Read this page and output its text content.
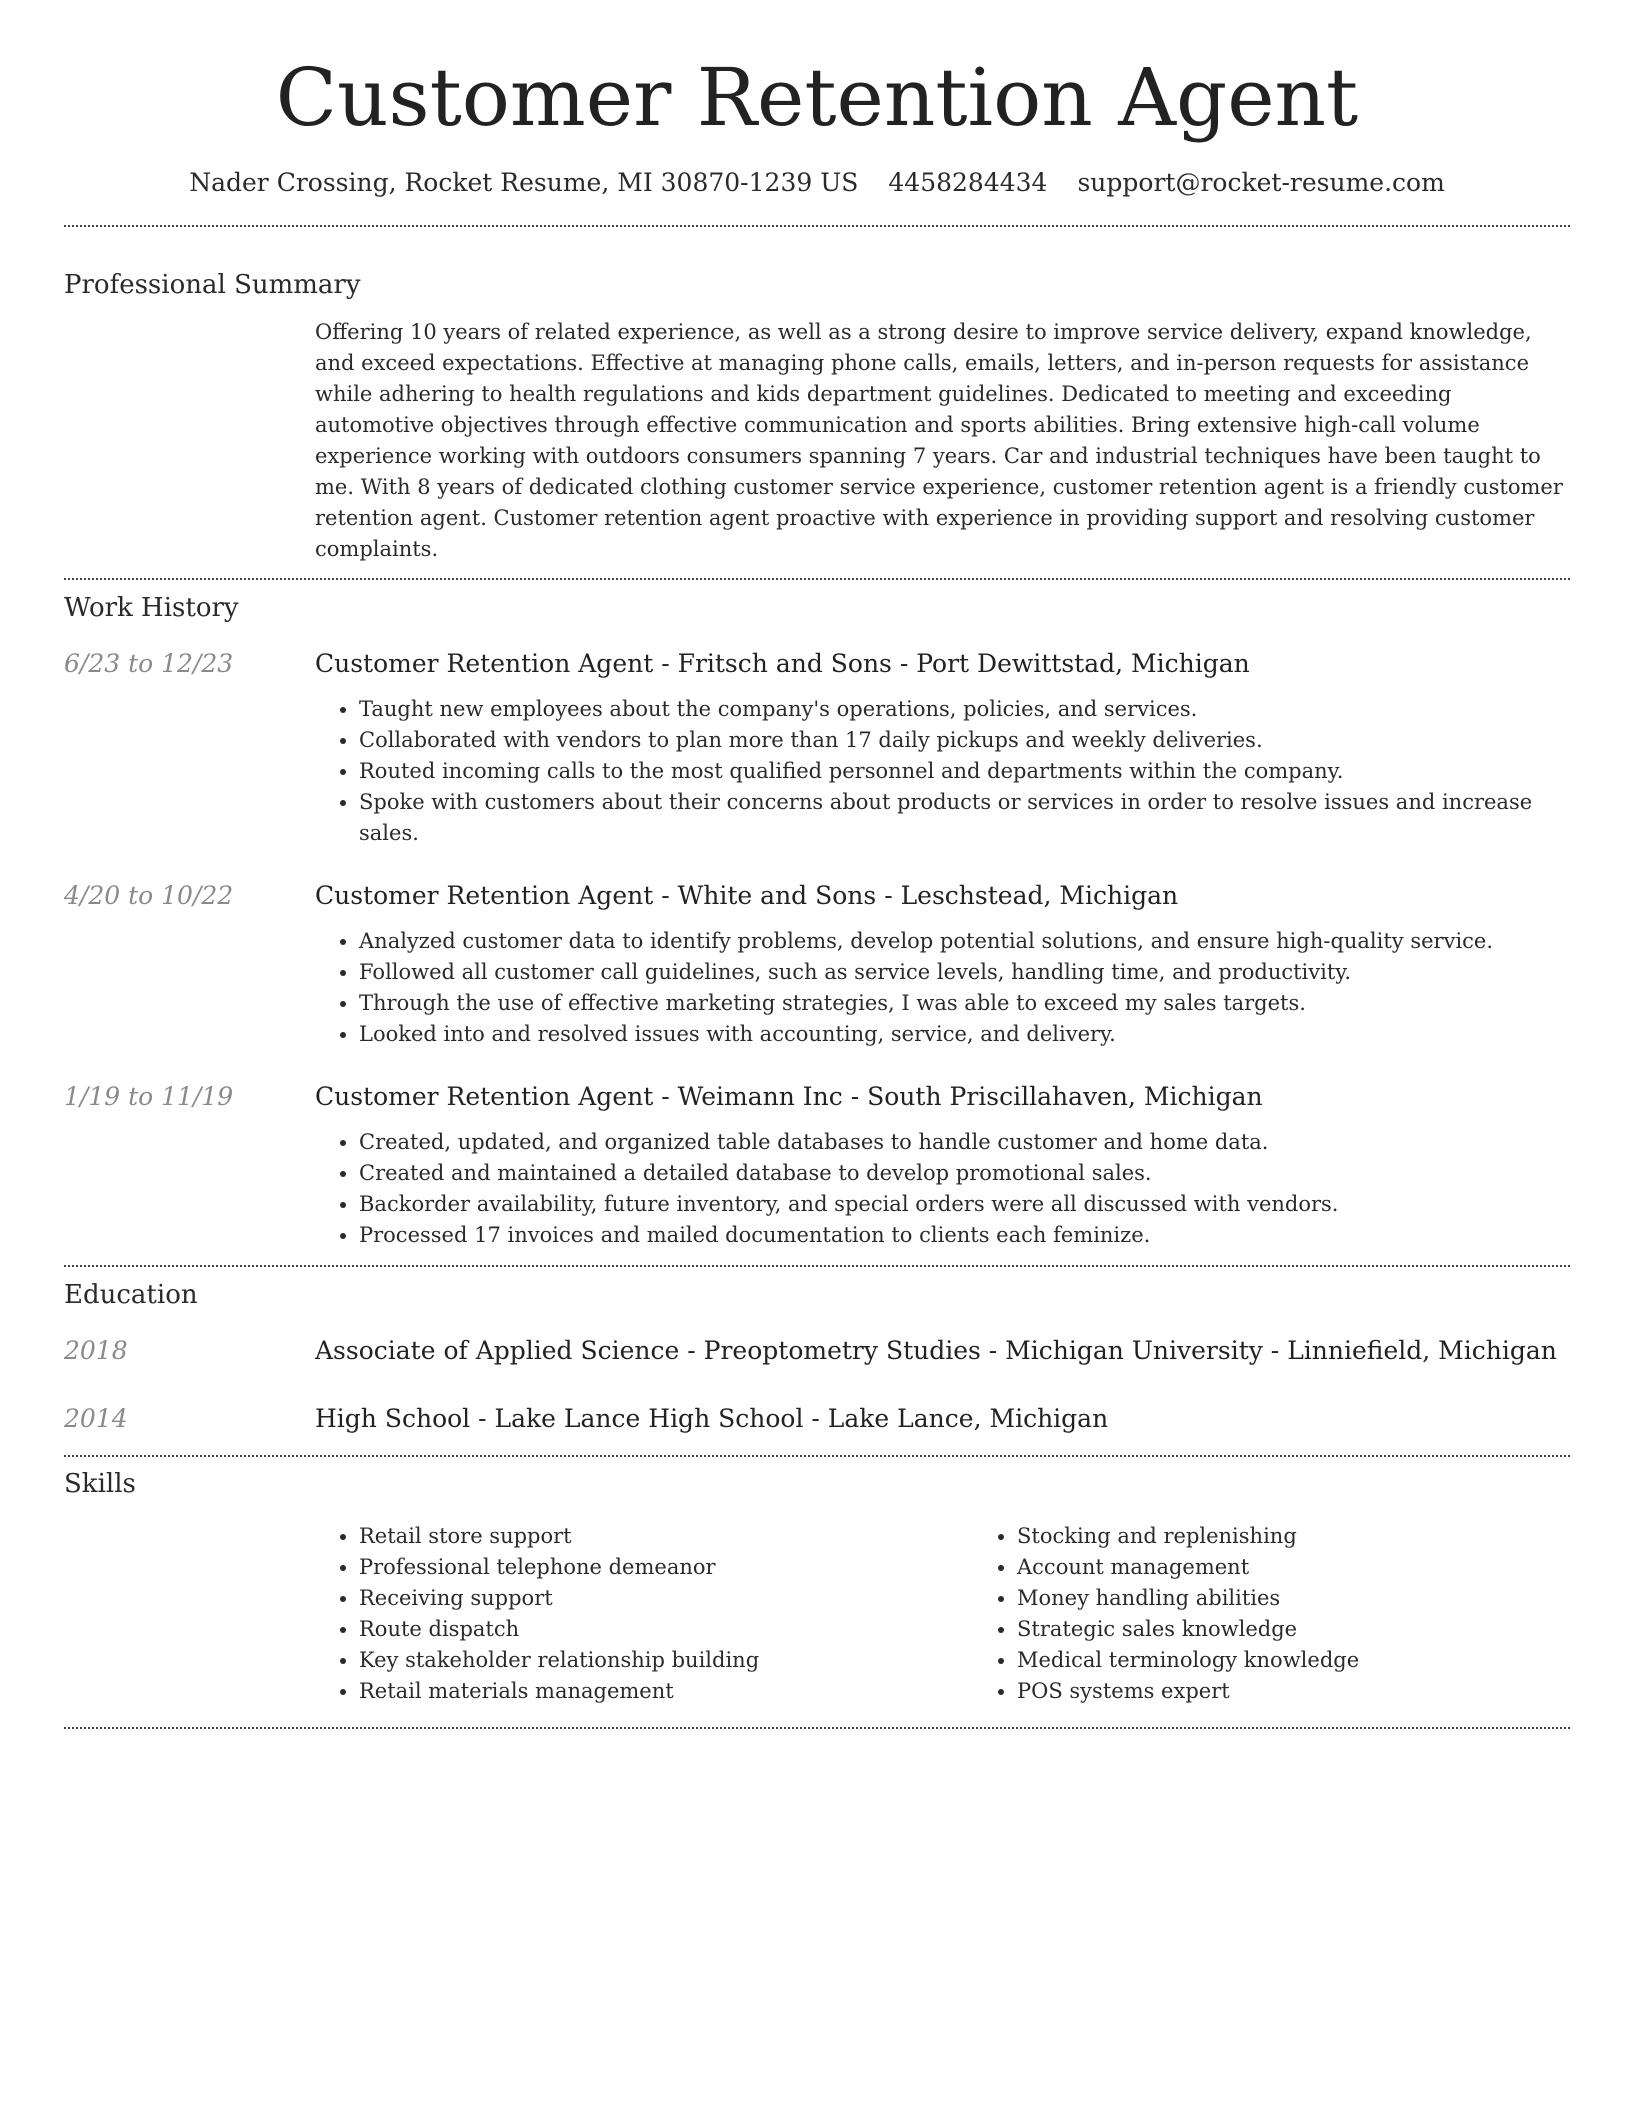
Customer Retention Agent
Nader Crossing, Rocket Resume, MI 30870-1239 US 4458284434 support@rocket-resume.com
Professional Summary

Offering 10 years of related experience, as well as a strong desire to improve service delivery, expand knowledge, and exceed expectations. Effective at managing phone calls, emails, letters, and in-person requests for assistance while adhering to health regulations and kids department guidelines. Dedicated to meeting and exceeding automotive objectives through effective communication and sports abilities. Bring extensive high-call volume experience working with outdoors consumers spanning 7 years. Car and industrial techniques have been taught to me. With 8 years of dedicated clothing customer service experience, customer retention agent is a friendly customer retention agent. Customer retention agent proactive with experience in providing support and resolving customer complaints.

Work History
6/23 to 12/23	Customer Retention Agent - Fritsch and Sons - Port Dewittstad, Michigan
• Taught new employees about the company's operations, policies, and services.
• Collaborated with vendors to plan more than 17 daily pickups and weekly deliveries.
• Routed incoming calls to the most qualified personnel and departments within the company.
• Spoke with customers about their concerns about products or services in order to resolve issues and increase sales.
4/20 to 10/22	Customer Retention Agent - White and Sons - Leschstead, Michigan
• Analyzed customer data to identify problems, develop potential solutions, and ensure high-quality service.
• Followed all customer call guidelines, such as service levels, handling time, and productivity.
• Through the use of effective marketing strategies, I was able to exceed my sales targets.
• Looked into and resolved issues with accounting, service, and delivery.
1/19 to 11/19	Customer Retention Agent - Weimann Inc - South Priscillahaven, Michigan
• Created, updated, and organized table databases to handle customer and home data.
• Created and maintained a detailed database to develop promotional sales.
• Backorder availability, future inventory, and special orders were all discussed with vendors.
• Processed 17 invoices and mailed documentation to clients each feminize.
Education
2018	Associate of Applied Science - Preoptometry Studies - Michigan University - Linniefield, Michigan
2014	High School - Lake Lance High School - Lake Lance, Michigan
Skills
• Retail store support
• Professional telephone demeanor
• Receiving support
• Route dispatch
• Key stakeholder relationship building
• Retail materials management
• Stocking and replenishing
• Account management
• Money handling abilities
• Strategic sales knowledge
• Medical terminology knowledge
• POS systems expert
